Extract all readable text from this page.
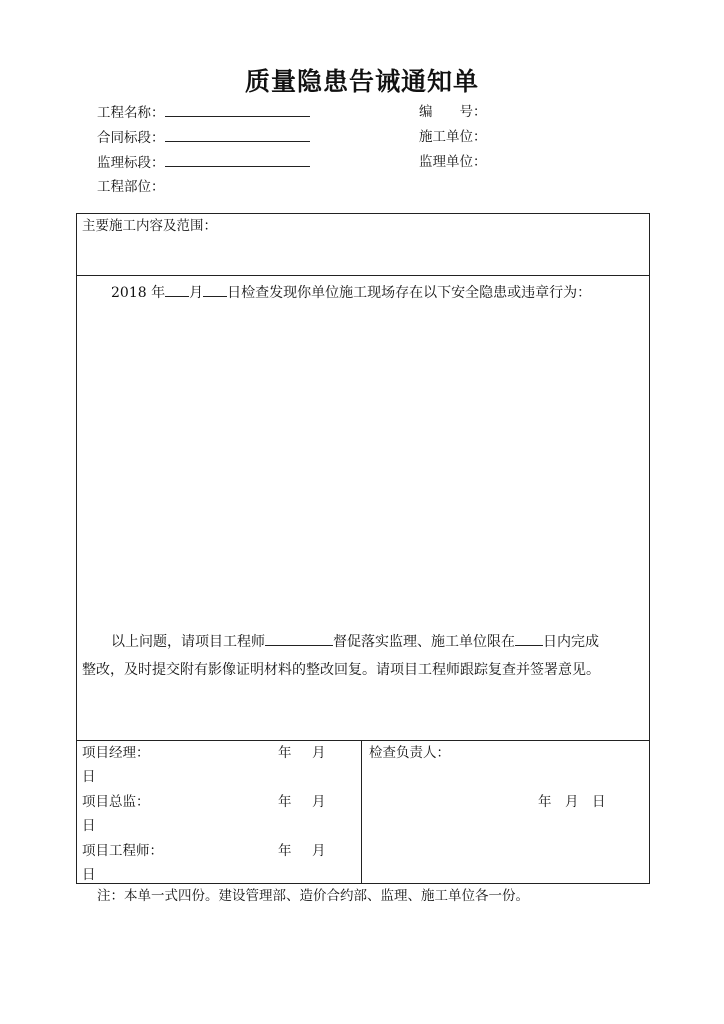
质量隐患告诫通知单
工程名称：	编　　号：
合同标段：	施工单位：
监理标段：	监理单位：
工程部位：
主要施工内容及范围：
2018 年 月 日检查发现你单位施工现场存在以下安全隐患或违章行为：
以上问题，请项目工程师	督促落实监理、施工单位限在 日内完成
整改，及时提交附有影像证明材料的整改回复。请项目工程师跟踪复查并签署意见。
项目经理：	年 月
日
项目总监：	年 月
日
项目工程师：	年 月
日
检查负责人：
年　月　日
注：本单一式四份。建设管理部、造价合约部、监理、施工单位各一份。
